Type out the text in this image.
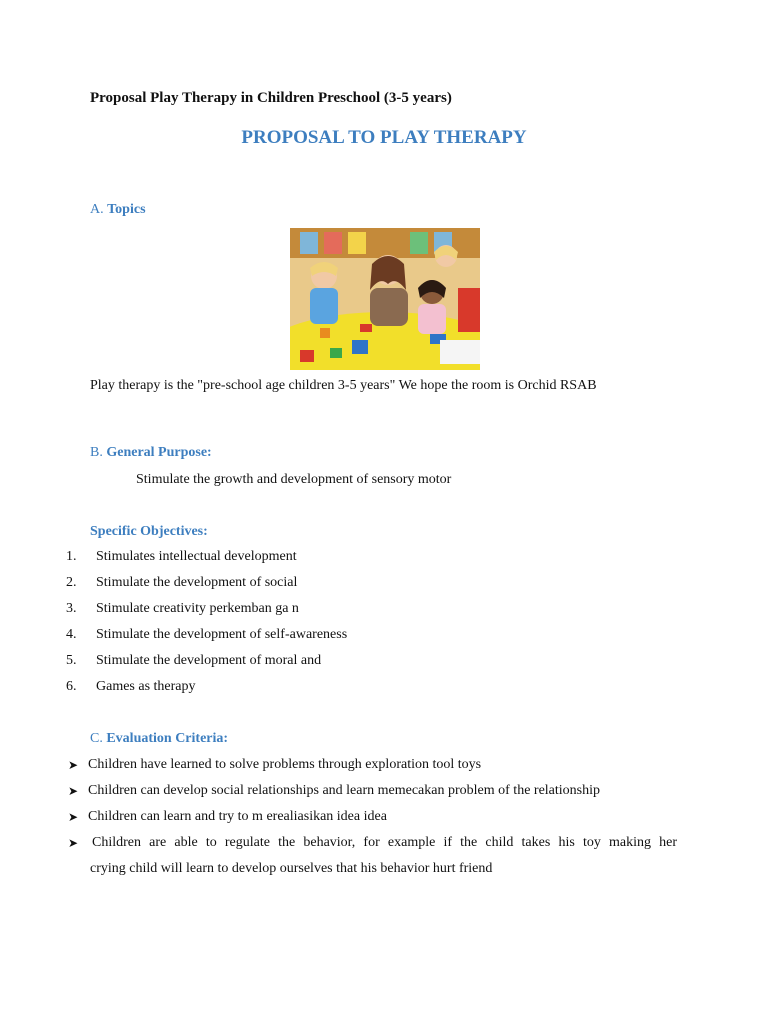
Proposal Play Therapy in Children Preschool (3-5 years)
PROPOSAL TO PLAY THERAPY
A. Topics
Play therapy is the "pre-school age children 3-5 years" We hope the room is Orchid RSAB
B. General Purpose:
Stimulate the growth and development of sensory motor
Specific Objectives:
1. Stimulates intellectual development
2. Stimulate the development of social
3. Stimulate creativity perkemban ga n
4. Stimulate the development of self-awareness
5. Stimulate the development of moral and
6. Games as therapy
C. Evaluation Criteria:
➤ Children have learned to solve problems through exploration tool toys
➤ Children can develop social relationships and learn memecakan problem of the relationship
➤ Children can learn and try to m erealiasikan idea idea
➤ Children are able to regulate the behavior, for example if the child takes his toy making her
crying child will learn to develop ourselves that his behavior hurt friend
